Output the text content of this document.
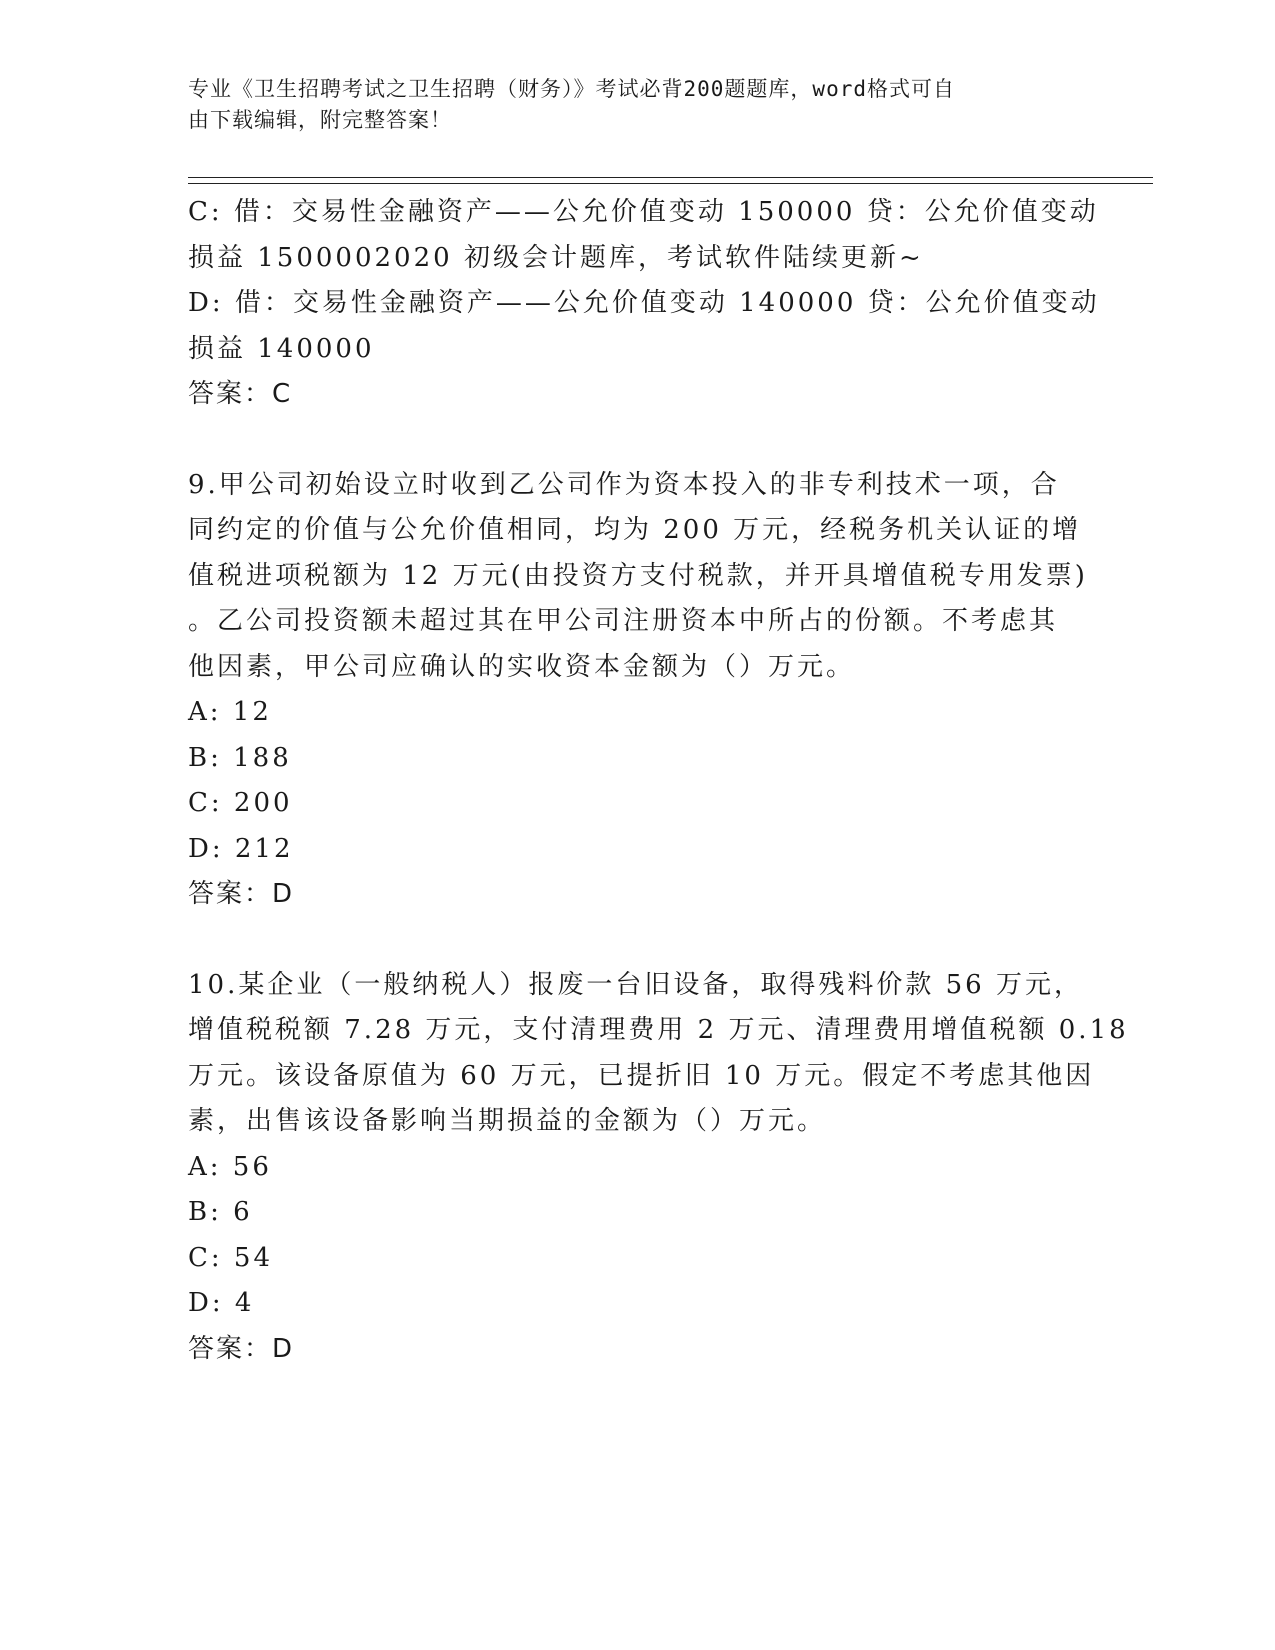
专业《卫生招聘考试之卫生招聘（财务）》考试必背200题题库，word格式可自
由下载编辑，附完整答案！
C: 借：交易性金融资产——公允价值变动 150000 贷：公允价值变动
损益 1500002020 初级会计题库，考试软件陆续更新~
D: 借：交易性金融资产——公允价值变动 140000 贷：公允价值变动
损益 140000
答案：C
9.甲公司初始设立时收到乙公司作为资本投入的非专利技术一项，合
同约定的价值与公允价值相同，均为 200 万元，经税务机关认证的增
值税进项税额为 12 万元(由投资方支付税款，并开具增值税专用发票)
。乙公司投资额未超过其在甲公司注册资本中所占的份额。不考虑其
他因素，甲公司应确认的实收资本金额为（）万元。
A: 12
B: 188
C: 200
D: 212
答案：D
10.某企业（一般纳税人）报废一台旧设备，取得残料价款 56 万元，
增值税税额 7.28 万元，支付清理费用 2 万元、清理费用增值税额 0.18
万元。该设备原值为 60 万元，已提折旧 10 万元。假定不考虑其他因
素，出售该设备影响当期损益的金额为（）万元。
A: 56
B: 6
C: 54
D: 4
答案：D
